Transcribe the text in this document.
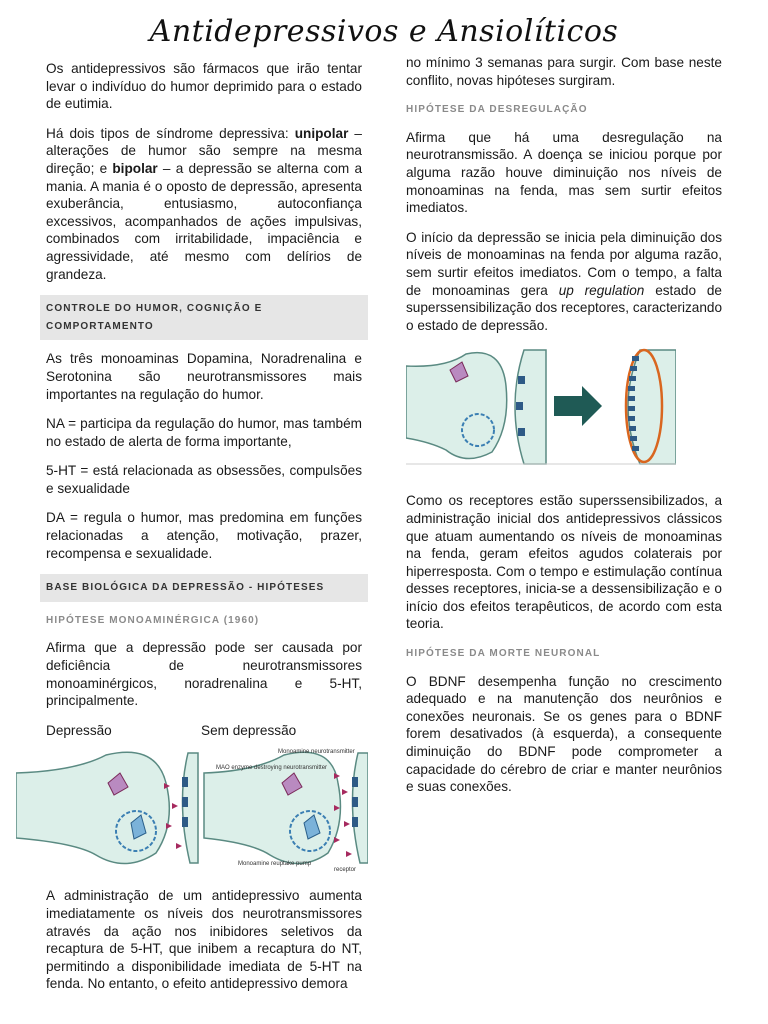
Antidepressivos e Ansiolíticos

Os antidepressivos são fármacos que irão tentar levar o indivíduo do humor deprimido para o estado de eutimia.

Há dois tipos de síndrome depressiva: unipolar – alterações de humor são sempre na mesma direção; e bipolar – a depressão se alterna com a mania. A mania é o oposto de depressão, apresenta exuberância, entusiasmo, autoconfiança excessivos, acompanhados de ações impulsivas, combinados com irritabilidade, impaciência e agressividade, até mesmo com delírios de grandeza.

CONTROLE DO HUMOR, COGNIÇÃO E COMPORTAMENTO

As três monoaminas Dopamina, Noradrenalina e Serotonina são neurotransmissores mais importantes na regulação do humor.

NA = participa da regulação do humor, mas também no estado de alerta de forma importante,

5-HT = está relacionada as obsessões, compulsões e sexualidade

DA = regula o humor, mas predomina em funções relacionadas a atenção, motivação, prazer, recompensa e sexualidade.

BASE BIOLÓGICA DA DEPRESSÃO - HIPÓTESES
HIPÓTESE MONOAMINÉRGICA (1960)

Afirma que a depressão pode ser causada por deficiência de neurotransmissores monoaminérgicos, noradrenalina e 5-HT, principalmente.

Depressão	Sem depressão
Monoamine neurotransmitter
MAO enzyme destroying neurotransmitter
Monoamine reuptake pump
receptor

A administração de um antidepressivo aumenta imediatamente os níveis dos neurotransmissores através da ação nos inibidores seletivos da recaptura de 5-HT, que inibem a recaptura do NT, permitindo a disponibilidade imediata de 5-HT na fenda. No entanto, o efeito antidepressivo demora

no mínimo 3 semanas para surgir. Com base neste conflito, novas hipóteses surgiram.

HIPÓTESE DA DESREGULAÇÃO

Afirma que há uma desregulação na neurotransmissão. A doença se iniciou porque por alguma razão houve diminuição nos níveis de monoaminas na fenda, mas sem surtir efeitos imediatos.

O início da depressão se inicia pela diminuição dos níveis de monoaminas na fenda por alguma razão, sem surtir efeitos imediatos. Com o tempo, a falta de monoaminas gera up regulation estado de superssensibilização dos receptores, caracterizando o estado de depressão.

Como os receptores estão superssensibilizados, a administração inicial dos antidepressivos clássicos que atuam aumentando os níveis de monoaminas na fenda, geram efeitos agudos colaterais por hiperresposta. Com o tempo e estimulação contínua desses receptores, inicia-se a dessensibilização e o início dos efeitos terapêuticos, de acordo com esta teoria.

HIPÓTESE DA MORTE NEURONAL

O BDNF desempenha função no crescimento adequado e na manutenção dos neurônios e conexões neuronais. Se os genes para o BDNF forem desativados (à esquerda), a consequente diminuição do BDNF pode comprometer a capacidade do cérebro de criar e manter neurônios e suas conexões.
